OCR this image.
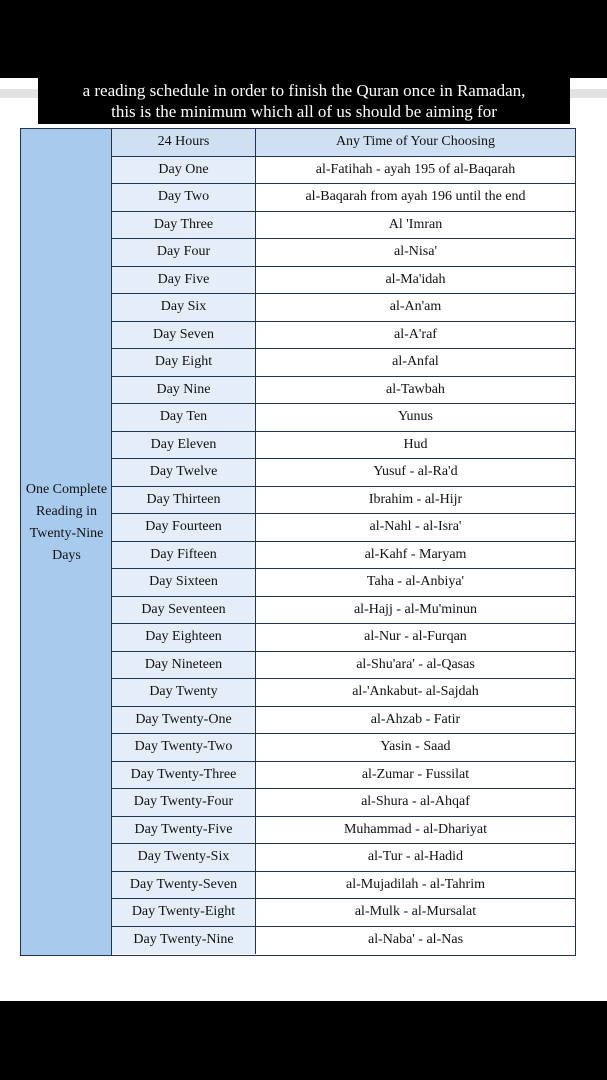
a reading schedule in order to finish the Quran once in Ramadan,
this is the minimum which all of us should be aiming for
One Complete
Reading in
Twenty-Nine
Days
24 Hours	Any Time of Your Choosing
Day One	al-Fatihah - ayah 195 of al-Baqarah
Day Two	al-Baqarah from ayah 196 until the end
Day Three	Al 'Imran
Day Four	al-Nisa'
Day Five	al-Ma'idah
Day Six	al-An'am
Day Seven	al-A'raf
Day Eight	al-Anfal
Day Nine	al-Tawbah
Day Ten	Yunus
Day Eleven	Hud
Day Twelve	Yusuf - al-Ra'd
Day Thirteen	Ibrahim - al-Hijr
Day Fourteen	al-Nahl - al-Isra'
Day Fifteen	al-Kahf - Maryam
Day Sixteen	Taha - al-Anbiya'
Day Seventeen	al-Hajj - al-Mu'minun
Day Eighteen	al-Nur - al-Furqan
Day Nineteen	al-Shu'ara' - al-Qasas
Day Twenty	al-'Ankabut- al-Sajdah
Day Twenty-One	al-Ahzab - Fatir
Day Twenty-Two	Yasin - Saad
Day Twenty-Three	al-Zumar - Fussilat
Day Twenty-Four	al-Shura - al-Ahqaf
Day Twenty-Five	Muhammad - al-Dhariyat
Day Twenty-Six	al-Tur - al-Hadid
Day Twenty-Seven	al-Mujadilah - al-Tahrim
Day Twenty-Eight	al-Mulk - al-Mursalat
Day Twenty-Nine	al-Naba' - al-Nas
